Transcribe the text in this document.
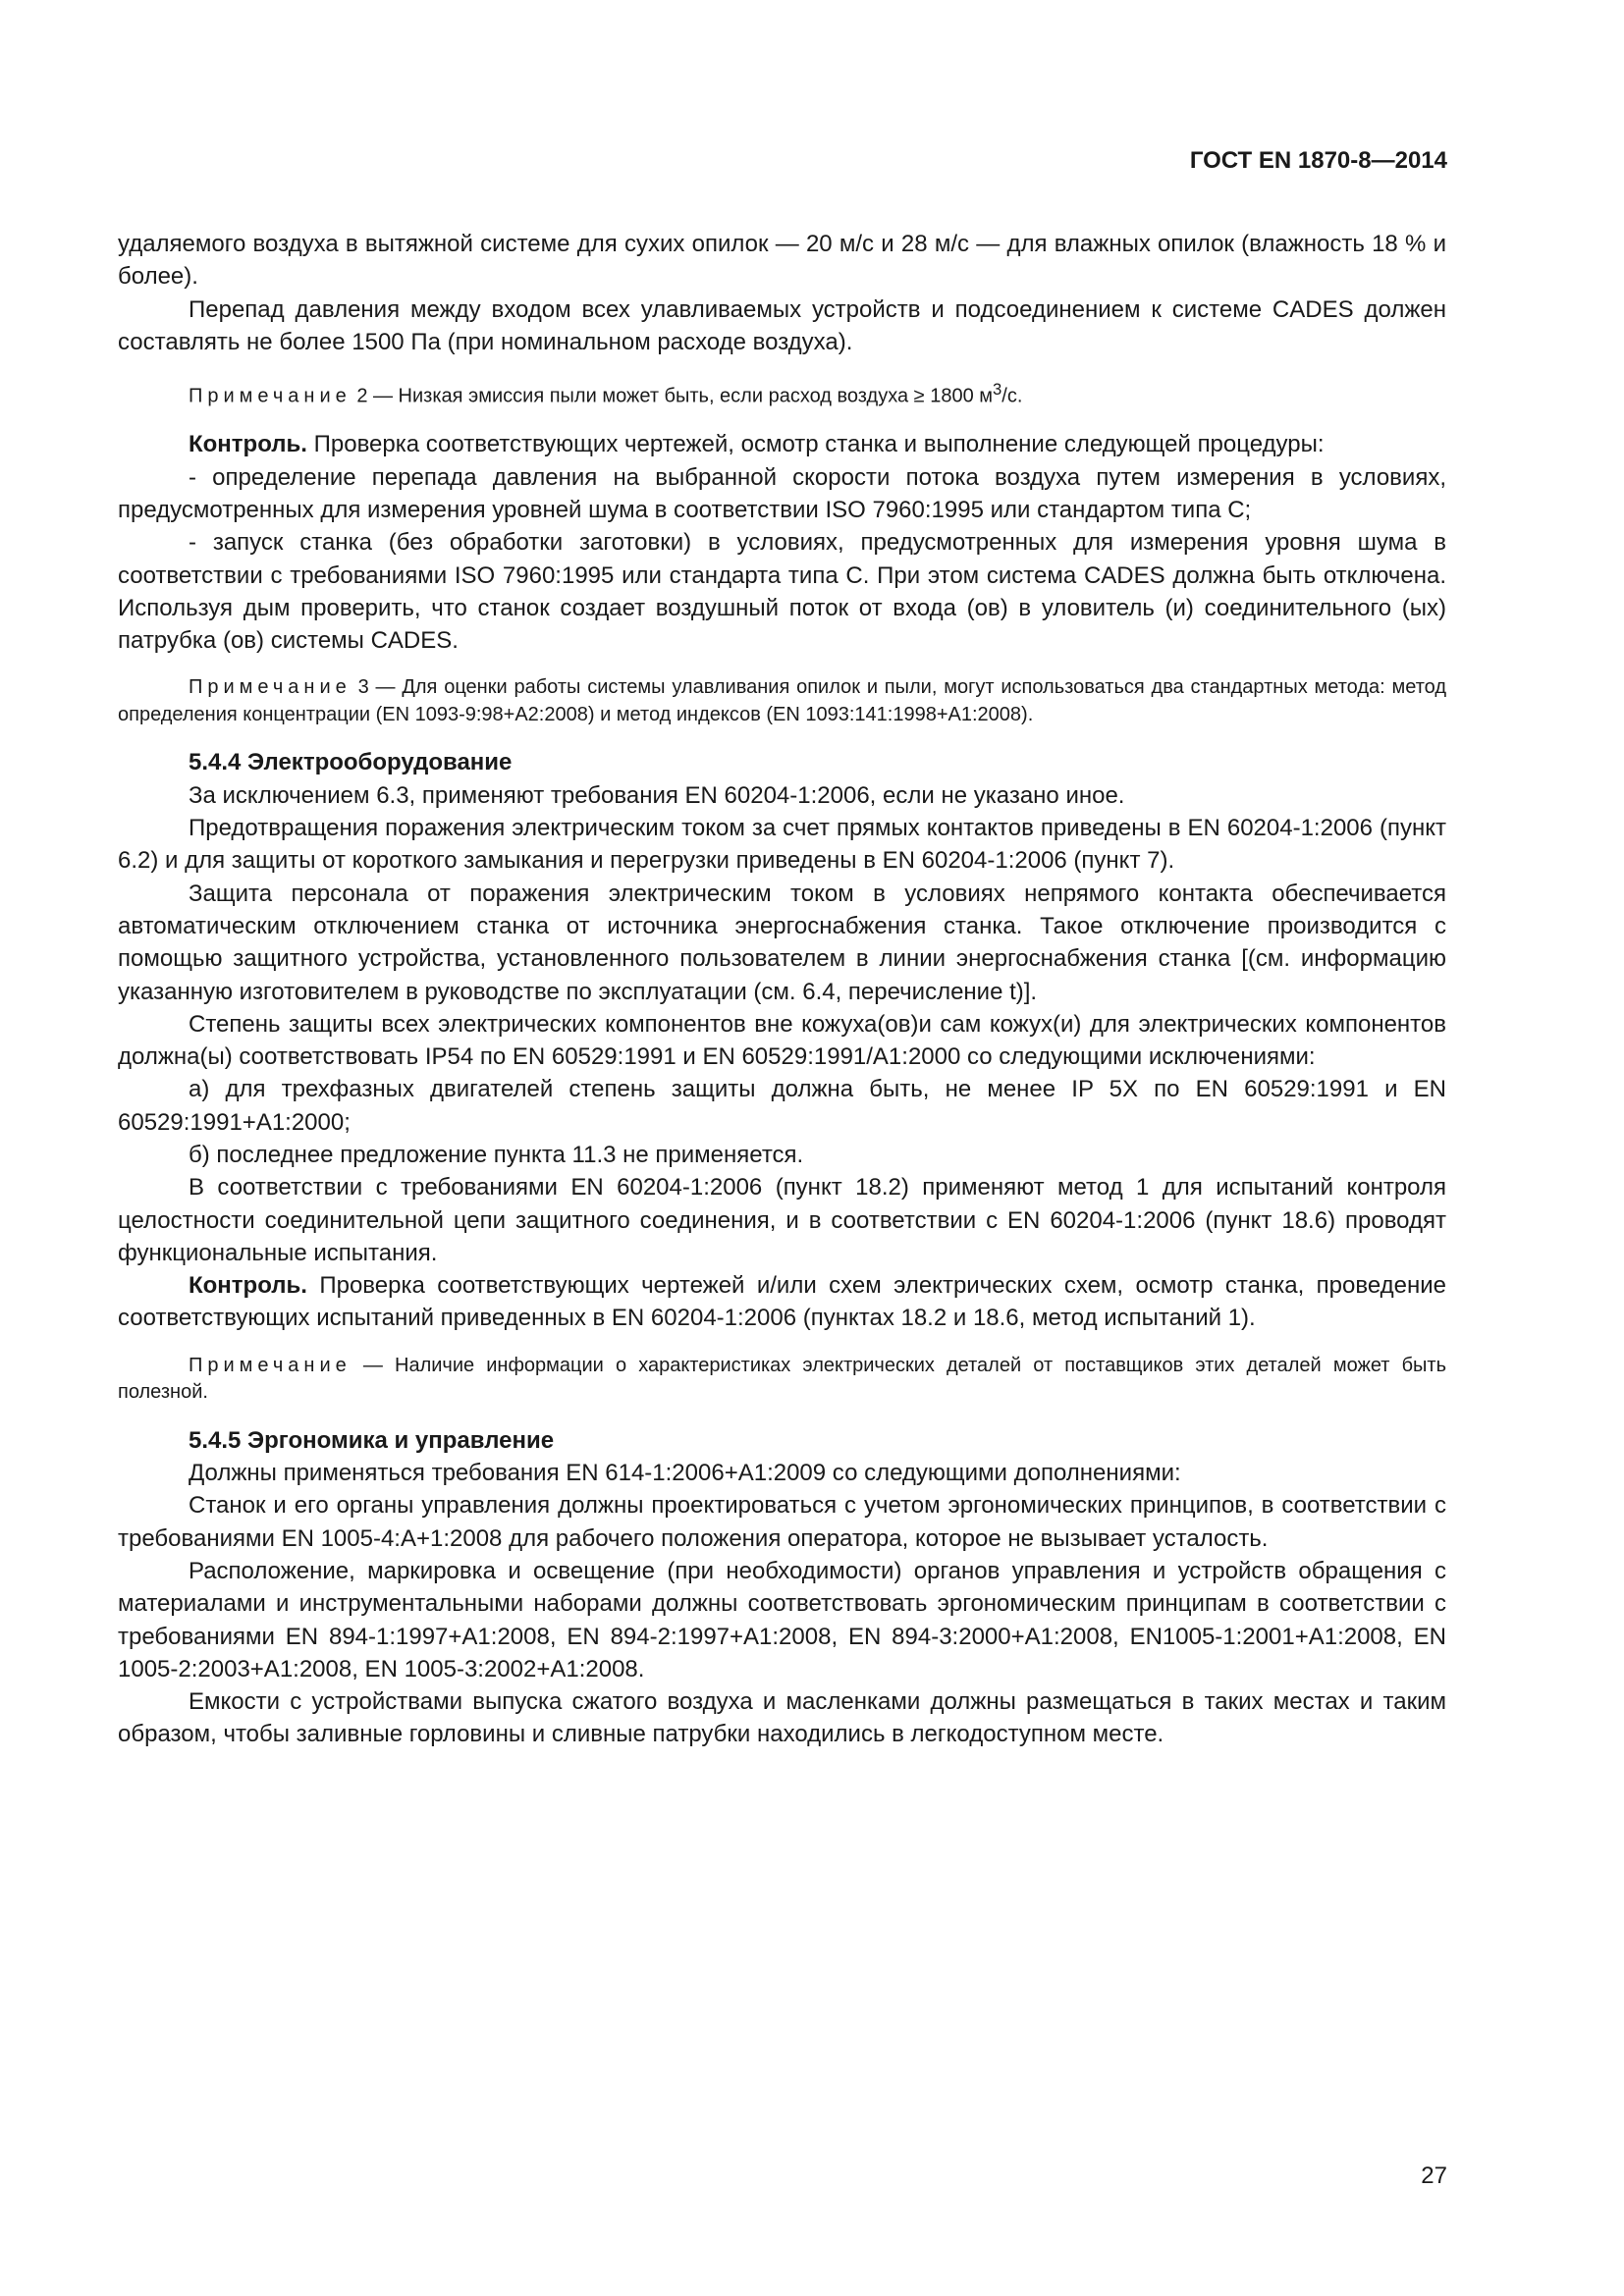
ГОСТ EN 1870-8—2014

удаляемого воздуха в вытяжной системе для сухих опилок — 20 м/с и 28 м/с — для влажных опилок (влажность 18 % и более).

Перепад давления между входом всех улавливаемых устройств и подсоединением к системе CADES должен составлять не более 1500 Па (при номинальном расходе воздуха).

Примечание 2 — Низкая эмиссия пыли может быть, если расход воздуха ≥ 1800 $м^3/с$.

Контроль. Проверка соответствующих чертежей, осмотр станка и выполнение следующей процедуры:

- определение перепада давления на выбранной скорости потока воздуха путем измерения в условиях, предусмотренных для измерения уровней шума в соответствии ISO 7960:1995 или стандартом типа С;

- запуск станка (без обработки заготовки) в условиях, предусмотренных для измерения уровня шума в соответствии с требованиями ISO 7960:1995 или стандарта типа С. При этом система CADES должна быть отключена. Используя дым проверить, что станок создает воздушный поток от входа (ов) в уловитель (и) соединительного (ых) патрубка (ов) системы CADES.

Примечание 3 — Для оценки работы системы улавливания опилок и пыли, могут использоваться два стандартных метода: метод определения концентрации (EN 1093-9:98+A2:2008) и метод индексов (EN 1093:141:1998+A1:2008).

5.4.4 Электрооборудование

За исключением 6.3, применяют требования EN 60204-1:2006, если не указано иное.

Предотвращения поражения электрическим током за счет прямых контактов приведены в EN 60204-1:2006 (пункт 6.2) и для защиты от короткого замыкания и перегрузки приведены в EN 60204-1:2006 (пункт 7).

Защита персонала от поражения электрическим током в условиях непрямого контакта обеспечивается автоматическим отключением станка от источника энергоснабжения станка. Такое отключение производится с помощью защитного устройства, установленного пользователем в линии энергоснабжения станка [(см. информацию указанную изготовителем в руководстве по эксплуатации (см. 6.4, перечисление t)].

Степень защиты всех электрических компонентов вне кожуха(ов)и сам кожух(и) для электрических компонентов должна(ы) соответствовать IP54 по EN 60529:1991 и EN 60529:1991/A1:2000 со следующими исключениями:

а) для трехфазных двигателей степень защиты должна быть, не менее IP 5X по EN 60529:1991 и EN 60529:1991+A1:2000;

б) последнее предложение пункта 11.3 не применяется.

В соответствии с требованиями EN 60204-1:2006 (пункт 18.2) применяют метод 1 для испытаний контроля целостности соединительной цепи защитного соединения, и в соответствии с EN 60204-1:2006 (пункт 18.6) проводят функциональные испытания.

Контроль. Проверка соответствующих чертежей и/или схем электрических схем, осмотр станка, проведение соответствующих испытаний приведенных в EN 60204-1:2006 (пунктах 18.2 и 18.6, метод испытаний 1).

Примечание — Наличие информации о характеристиках электрических деталей от поставщиков этих деталей может быть полезной.

5.4.5 Эргономика и управление

Должны применяться требования EN 614-1:2006+A1:2009 со следующими дополнениями:

Станок и его органы управления должны проектироваться с учетом эргономических принципов, в соответствии с требованиями EN 1005-4:A+1:2008 для рабочего положения оператора, которое не вызывает усталость.

Расположение, маркировка и освещение (при необходимости) органов управления и устройств обращения с материалами и инструментальными наборами должны соответствовать эргономическим принципам в соответствии с требованиями EN 894-1:1997+A1:2008, EN 894-2:1997+A1:2008, EN 894-3:2000+A1:2008, EN1005-1:2001+A1:2008, EN 1005-2:2003+A1:2008, EN 1005-3:2002+A1:2008.

Емкости с устройствами выпуска сжатого воздуха и масленками должны размещаться в таких местах и таким образом, чтобы заливные горловины и сливные патрубки находились в легкодоступном месте.

27
